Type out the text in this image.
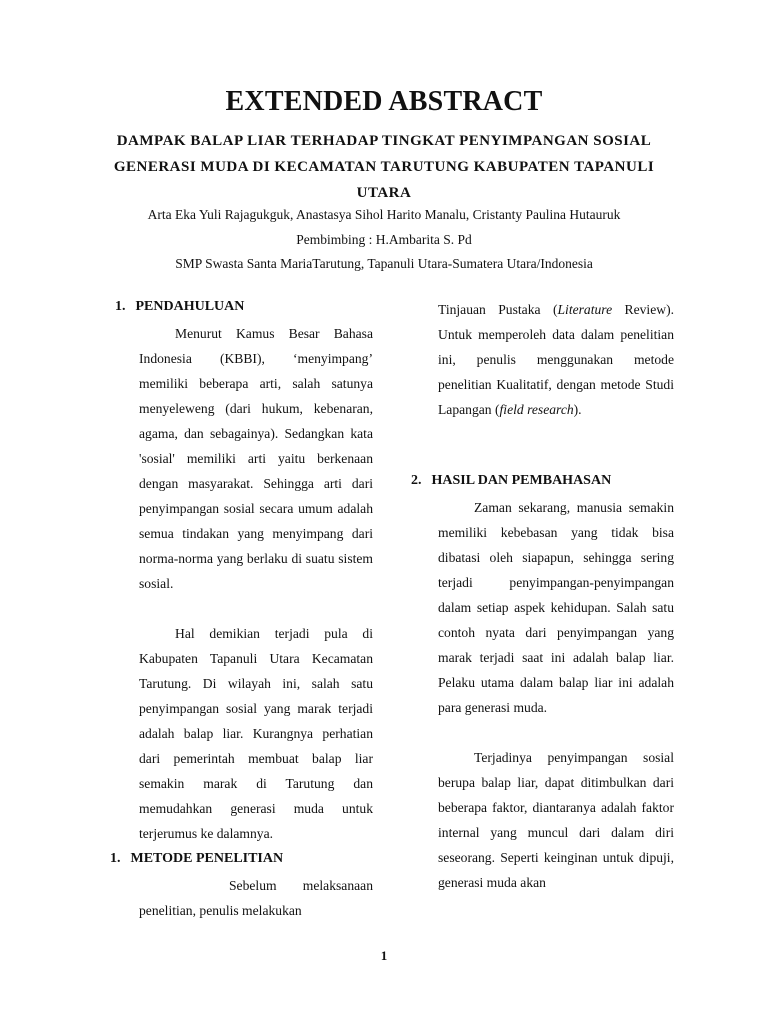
EXTENDED ABSTRACT

DAMPAK BALAP LIAR TERHADAP TINGKAT PENYIMPANGAN SOSIAL GENERASI MUDA DI KECAMATAN TARUTUNG KABUPATEN TAPANULI UTARA

Arta Eka Yuli Rajagukguk, Anastasya Sihol Harito Manalu, Cristanty Paulina Hutauruk
Pembimbing : H.Ambarita S. Pd
SMP Swasta Santa MariaTarutung, Tapanuli Utara-Sumatera Utara/Indonesia
1. PENDAHULUAN

Menurut Kamus Besar Bahasa Indonesia (KBBI), ‘menyimpang’ memiliki beberapa arti, salah satunya menyeleweng (dari hukum, kebenaran, agama, dan sebagainya). Sedangkan kata 'sosial' memiliki arti yaitu berkenaan dengan masyarakat. Sehingga arti dari penyimpangan sosial secara umum adalah semua tindakan yang menyimpang dari norma-norma yang berlaku di suatu sistem sosial.

Hal demikian terjadi pula di Kabupaten Tapanuli Utara Kecamatan Tarutung. Di wilayah ini, salah satu penyimpangan sosial yang marak terjadi adalah balap liar. Kurangnya perhatian dari pemerintah membuat balap liar semakin marak di Tarutung dan memudahkan generasi muda untuk terjerumus ke dalamnya.

1. METODE PENELITIAN

Sebelum melaksanaan penelitian, penulis melakukan

Tinjauan Pustaka (Literature Review). Untuk memperoleh data dalam penelitian ini, penulis menggunakan metode penelitian Kualitatif, dengan metode Studi Lapangan (field research).

2. HASIL DAN PEMBAHASAN

Zaman sekarang, manusia semakin memiliki kebebasan yang tidak bisa dibatasi oleh siapapun, sehingga sering terjadi penyimpangan-penyimpangan dalam setiap aspek kehidupan. Salah satu contoh nyata dari penyimpangan yang marak terjadi saat ini adalah balap liar. Pelaku utama dalam balap liar ini adalah para generasi muda.

Terjadinya penyimpangan sosial berupa balap liar, dapat ditimbulkan dari beberapa faktor, diantaranya adalah faktor internal yang muncul dari dalam diri seseorang. Seperti keinginan untuk dipuji, generasi muda akan

1
